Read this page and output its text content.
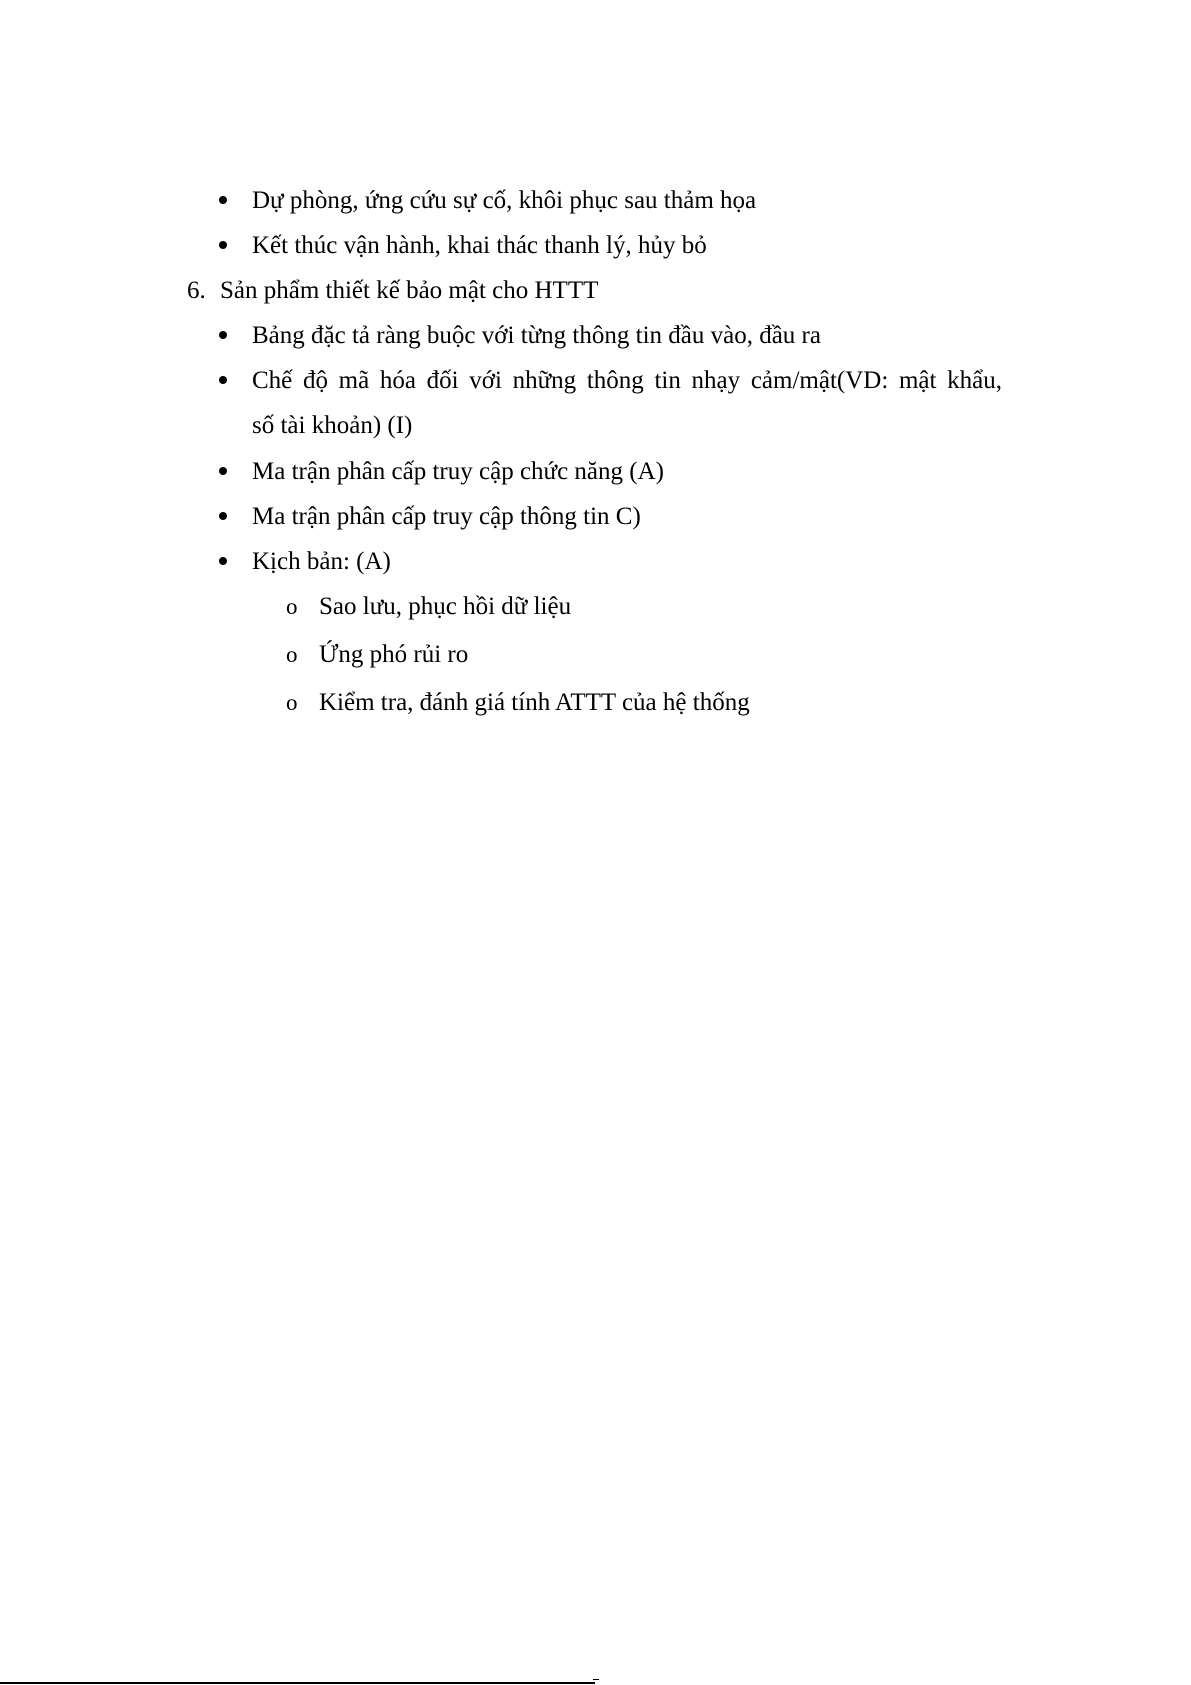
Dự phòng, ứng cứu sự cố, khôi phục sau thảm họa
Kết thúc vận hành, khai thác thanh lý, hủy bỏ
6. Sản phẩm thiết kế bảo mật cho HTTT
Bảng đặc tả ràng buộc với từng thông tin đầu vào, đầu ra
Chế độ mã hóa đối với những thông tin nhạy cảm/mật(VD: mật khẩu,
số tài khoản) (I)
Ma trận phân cấp truy cập chức năng (A)
Ma trận phân cấp truy cập thông tin C)
Kịch bản: (A)
o Sao lưu, phục hồi dữ liệu
o Ứng phó rủi ro
o Kiểm tra, đánh giá tính ATTT của hệ thống
